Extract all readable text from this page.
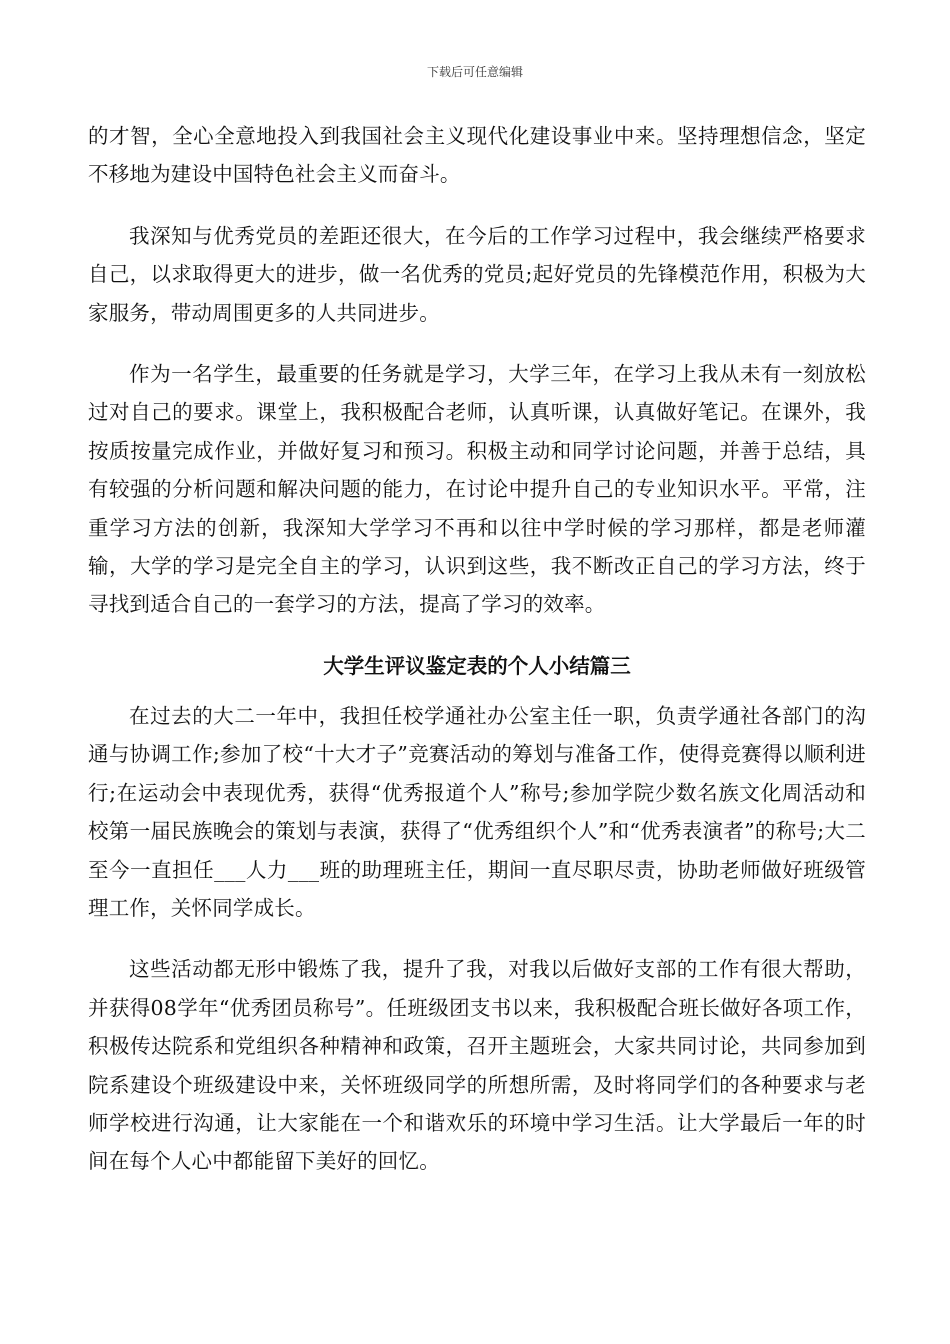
下载后可任意编辑

的才智，全心全意地投入到我国社会主义现代化建设事业中来。坚持理想信念，坚定不移地为建设中国特色社会主义而奋斗。

我深知与优秀党员的差距还很大，在今后的工作学习过程中，我会继续严格要求自己，以求取得更大的进步，做一名优秀的党员;起好党员的先锋模范作用，积极为大家服务，带动周围更多的人共同进步。

作为一名学生，最重要的任务就是学习，大学三年，在学习上我从未有一刻放松过对自己的要求。课堂上，我积极配合老师，认真听课，认真做好笔记。在课外，我按质按量完成作业，并做好复习和预习。积极主动和同学讨论问题，并善于总结，具有较强的分析问题和解决问题的能力，在讨论中提升自己的专业知识水平。平常，注重学习方法的创新，我深知大学学习不再和以往中学时候的学习那样，都是老师灌输，大学的学习是完全自主的学习，认识到这些，我不断改正自己的学习方法，终于寻找到适合自己的一套学习的方法，提高了学习的效率。

大学生评议鉴定表的个人小结篇三

在过去的大二一年中，我担任校学通社办公室主任一职，负责学通社各部门的沟通与协调工作;参加了校“十大才子”竞赛活动的筹划与准备工作，使得竞赛得以顺利进行;在运动会中表现优秀，获得“优秀报道个人”称号;参加学院少数名族文化周活动和校第一届民族晚会的策划与表演，获得了“优秀组织个人”和“优秀表演者”的称号;大二至今一直担任___人力___班的助理班主任，期间一直尽职尽责，协助老师做好班级管理工作，关怀同学成长。

这些活动都无形中锻炼了我，提升了我，对我以后做好支部的工作有很大帮助，并获得08学年“优秀团员称号”。任班级团支书以来，我积极配合班长做好各项工作，积极传达院系和党组织各种精神和政策，召开主题班会，大家共同讨论，共同参加到院系建设个班级建设中来，关怀班级同学的所想所需，及时将同学们的各种要求与老师学校进行沟通，让大家能在一个和谐欢乐的环境中学习生活。让大学最后一年的时间在每个人心中都能留下美好的回忆。
